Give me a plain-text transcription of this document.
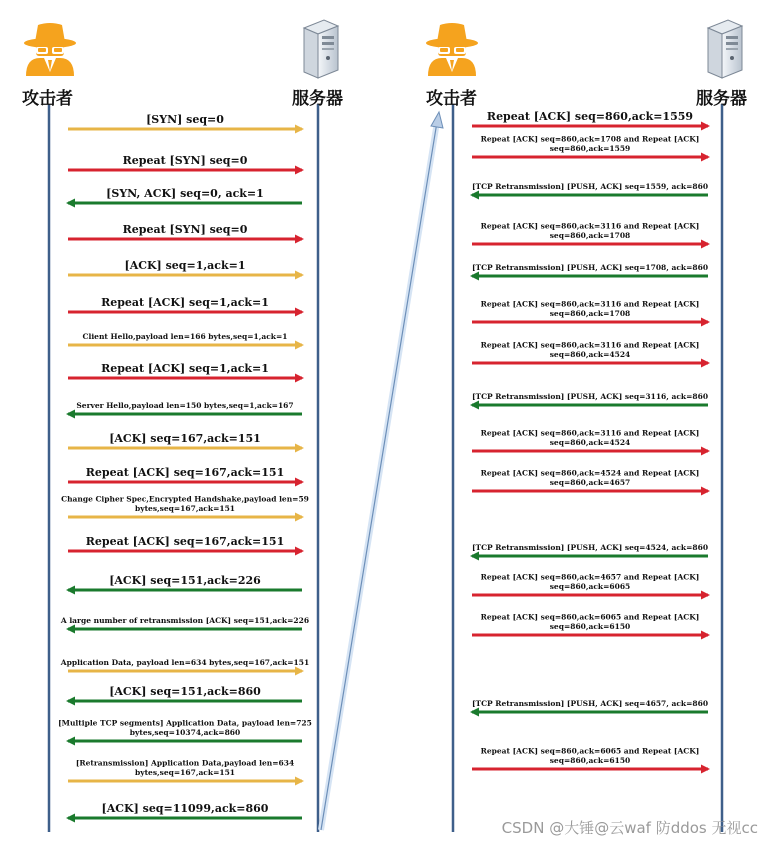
[SYN] seq=0
Repeat [SYN] seq=0
[SYN, ACK] seq=0, ack=1
Repeat [SYN] seq=0
[ACK] seq=1,ack=1
Repeat [ACK] seq=1,ack=1
Client Hello,payload len=166 bytes,seq=1,ack=1
Repeat [ACK] seq=1,ack=1
Server Hello,payload len=150 bytes,seq=1,ack=167
[ACK] seq=167,ack=151
Repeat [ACK] seq=167,ack=151
Change Cipher Spec,Encrypted Handshake,payload len=59
bytes,seq=167,ack=151
Repeat [ACK] seq=167,ack=151
[ACK] seq=151,ack=226
A large number of retransmission [ACK] seq=151,ack=226
Application Data, payload len=634 bytes,seq=167,ack=151
[ACK] seq=151,ack=860
[Multiple TCP segments] Application Data, payload len=725
bytes,seq=10374,ack=860
[Retransmission] Application Data,payload len=634
bytes,seq=167,ack=151
[ACK] seq=11099,ack=860
Repeat [ACK] seq=860,ack=1559
Repeat [ACK] seq=860,ack=1708 and Repeat [ACK]
seq=860,ack=1559
[TCP Retransmission] [PUSH, ACK] seq=1559, ack=860
Repeat [ACK] seq=860,ack=3116 and Repeat [ACK]
seq=860,ack=1708
[TCP Retransmission] [PUSH, ACK] seq=1708, ack=860
Repeat [ACK] seq=860,ack=3116 and Repeat [ACK]
seq=860,ack=1708
Repeat [ACK] seq=860,ack=3116 and Repeat [ACK]
seq=860,ack=4524
[TCP Retransmission] [PUSH, ACK] seq=3116, ack=860
Repeat [ACK] seq=860,ack=3116 and Repeat [ACK]
seq=860,ack=4524
Repeat [ACK] seq=860,ack=4524 and Repeat [ACK]
seq=860,ack=4657
[TCP Retransmission] [PUSH, ACK] seq=4524, ack=860
Repeat [ACK] seq=860,ack=4657 and Repeat [ACK]
seq=860,ack=6065
Repeat [ACK] seq=860,ack=6065 and Repeat [ACK]
seq=860,ack=6150
[TCP Retransmission] [PUSH, ACK] seq=4657, ack=860
Repeat [ACK] seq=860,ack=6065 and Repeat [ACK]
seq=860,ack=6150
攻击者	服务器	攻击者	服务器
CSDN @大锤@云waf 防ddos 无视cc
